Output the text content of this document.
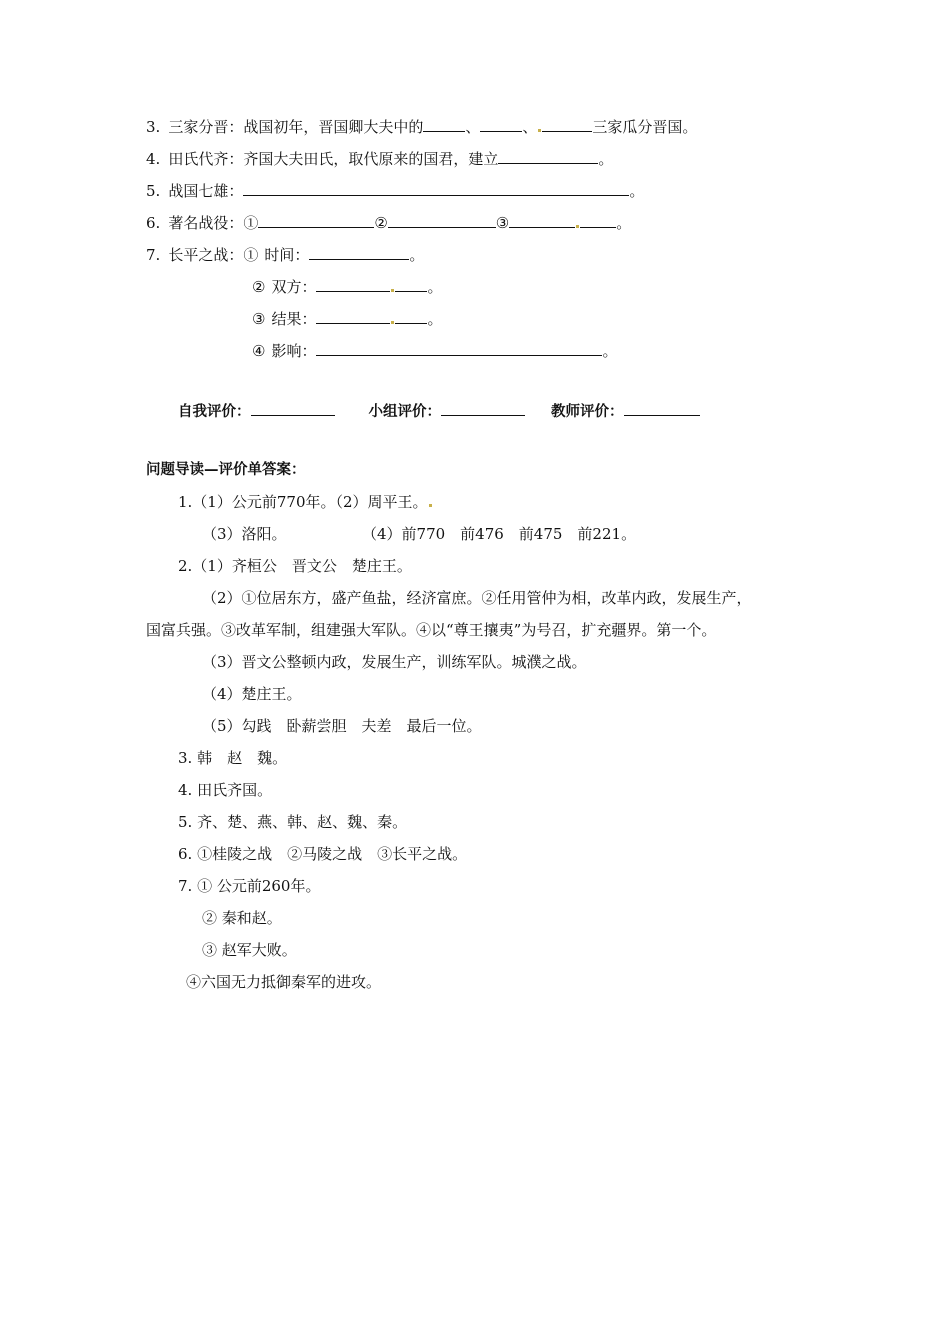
3. 三家分晋：战国初年，晋国卿大夫中的	、	、	三家瓜分晋国。
4. 田氏代齐：齐国大夫田氏，取代原来的国君，建立	。
5. 战国七雄：	。
6. 著名战役：①	②	③	。
7. 长平之战：① 时间：	。
② 双方：	。
③ 结果：	。
④ 影响：	。
自我评价：	小组评价：	教师评价：
问题导读—评价单答案：
1.（1）公元前770年。（2）周平王。
（3）洛阳。	（4）前770　前476　前475　前221。
2.（1）齐桓公　晋文公　楚庄王。
（2）①位居东方，盛产鱼盐，经济富庶。②任用管仲为相，改革内政，发展生产，
国富兵强。③改革军制，组建强大军队。④以“尊王攘夷”为号召，扩充疆界。第一个。
（3）晋文公整顿内政，发展生产，训练军队。城濮之战。
（4）楚庄王。
（5）勾践　卧薪尝胆　夫差　最后一位。
3. 韩　赵　魏。
4. 田氏齐国。
5. 齐、楚、燕、韩、赵、魏、秦。
6. ①桂陵之战　②马陵之战　③长平之战。
7. ① 公元前260年。
② 秦和赵。
③ 赵军大败。
④六国无力抵御秦军的进攻。
